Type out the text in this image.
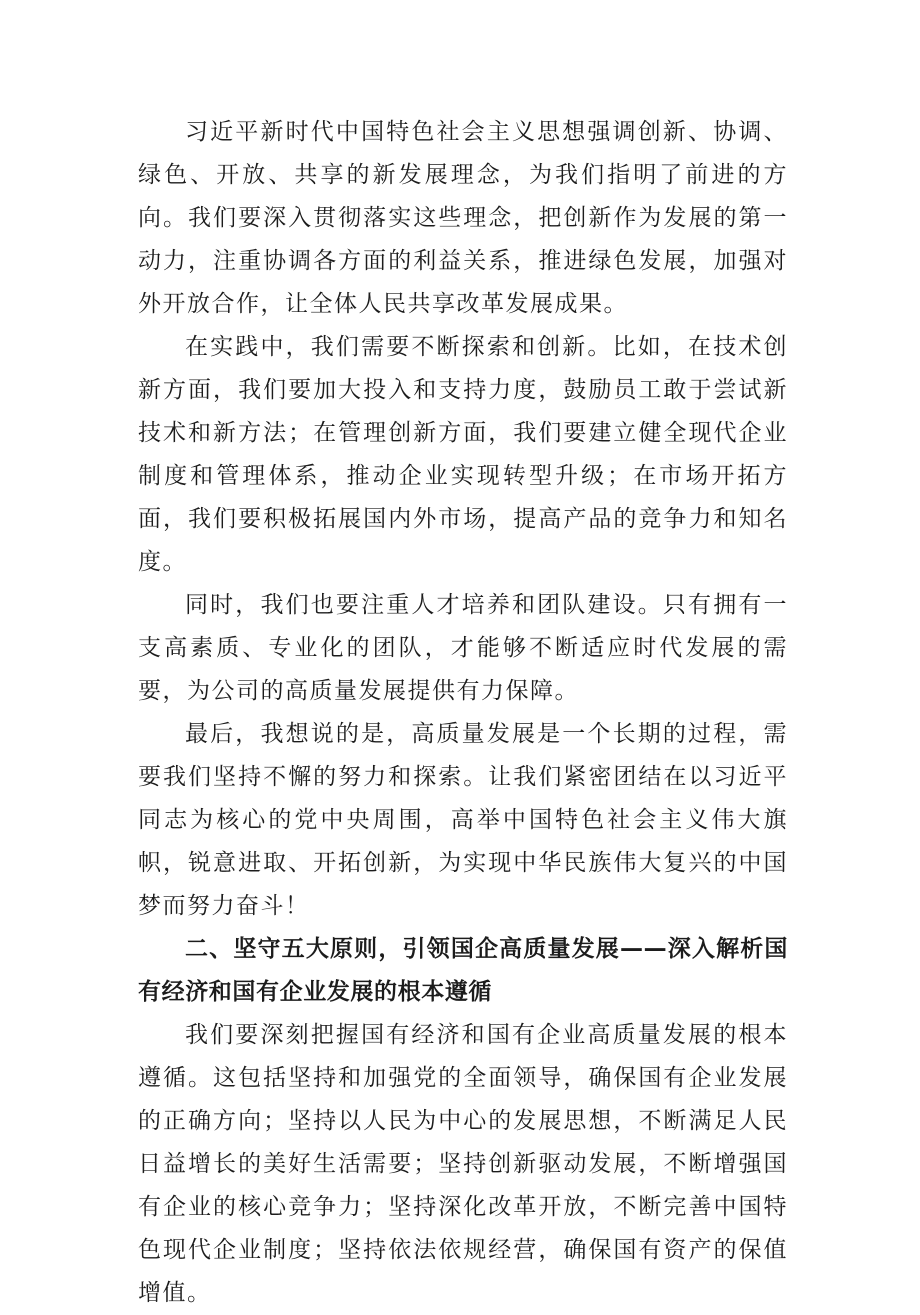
习近平新时代中国特色社会主义思想强调创新、协调、绿色、开放、共享的新发展理念，为我们指明了前进的方向。我们要深入贯彻落实这些理念，把创新作为发展的第一动力，注重协调各方面的利益关系，推进绿色发展，加强对外开放合作，让全体人民共享改革发展成果。

在实践中，我们需要不断探索和创新。比如，在技术创新方面，我们要加大投入和支持力度，鼓励员工敢于尝试新技术和新方法；在管理创新方面，我们要建立健全现代企业制度和管理体系，推动企业实现转型升级；在市场开拓方面，我们要积极拓展国内外市场，提高产品的竞争力和知名度。

同时，我们也要注重人才培养和团队建设。只有拥有一支高素质、专业化的团队，才能够不断适应时代发展的需要，为公司的高质量发展提供有力保障。

最后，我想说的是，高质量发展是一个长期的过程，需要我们坚持不懈的努力和探索。让我们紧密团结在以习近平同志为核心的党中央周围，高举中国特色社会主义伟大旗帜，锐意进取、开拓创新，为实现中华民族伟大复兴的中国梦而努力奋斗！

二、坚守五大原则，引领国企高质量发展——深入解析国有经济和国有企业发展的根本遵循

我们要深刻把握国有经济和国有企业高质量发展的根本遵循。这包括坚持和加强党的全面领导，确保国有企业发展的正确方向；坚持以人民为中心的发展思想，不断满足人民日益增长的美好生活需要；坚持创新驱动发展，不断增强国有企业的核心竞争力；坚持深化改革开放，不断完善中国特色现代企业制度；坚持依法依规经营，确保国有资产的保值增值。
